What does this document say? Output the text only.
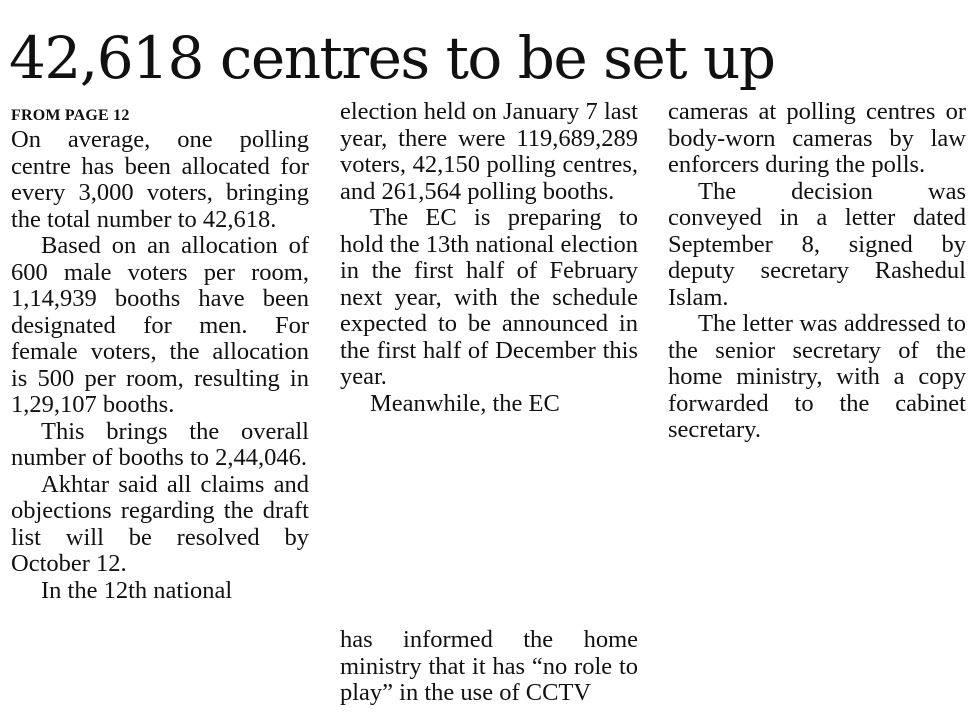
42,618 centres to be set up

FROM PAGE 12

On average, one polling centre has been allocated for every 3,000 voters, bringing the total number to 42,618.

Based on an allocation of 600 male voters per room, 1,14,939 booths have been designated for men. For female voters, the allocation is 500 per room, resulting in 1,29,107 booths.

This brings the overall number of booths to 2,44,046.

Akhtar said all claims and objections regarding the draft list will be resolved by October 12.

In the 12th national

election held on January 7 last year, there were 119,689,289 voters, 42,150 polling centres, and 261,564 polling booths.

The EC is preparing to hold the 13th national election in the first half of February next year, with the schedule expected to be announced in the first half of December this year.

Meanwhile, the EC

has informed the home ministry that it has “no role to play” in the use of CCTV

cameras at polling centres or body-worn cameras by law enforcers during the polls.

The decision was conveyed in a letter dated September 8, signed by deputy secretary Rashedul Islam.

The letter was addressed to the senior secretary of the home ministry, with a copy forwarded to the cabinet secretary.
